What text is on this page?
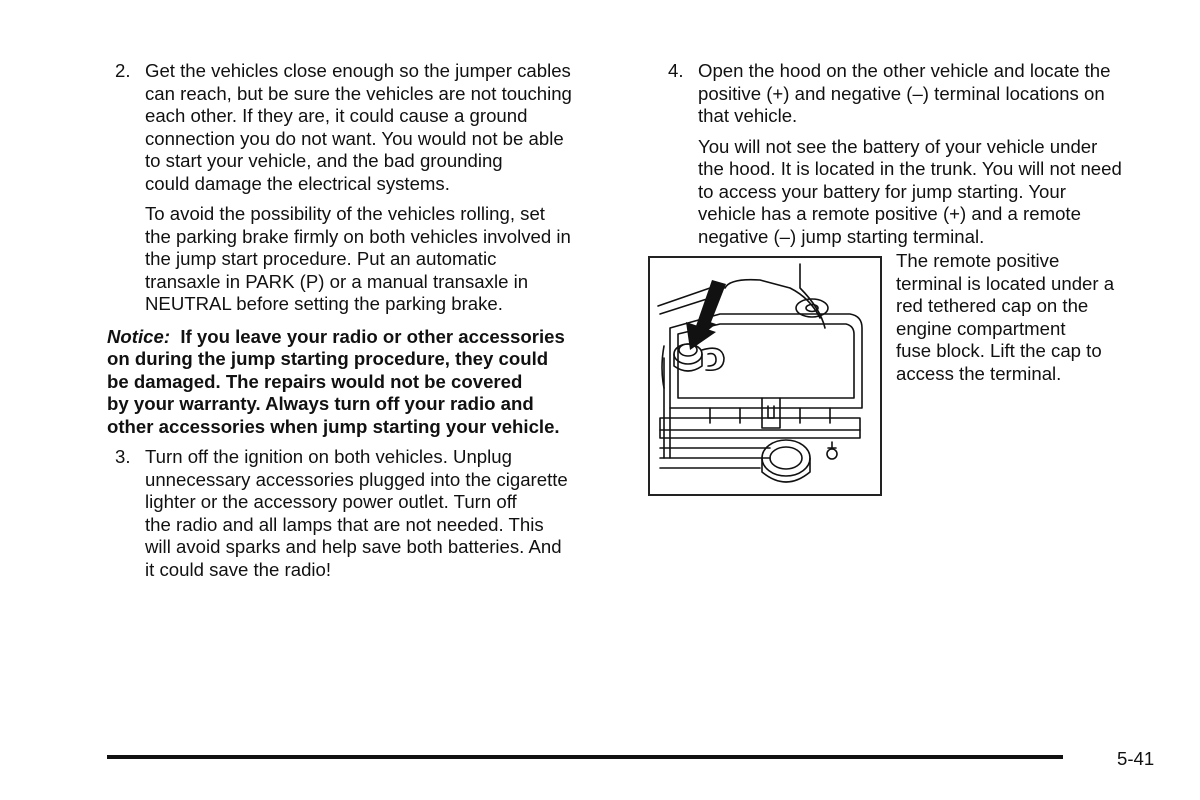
2. Get the vehicles close enough so the jumper cables
can reach, but be sure the vehicles are not touching
each other. If they are, it could cause a ground
connection you do not want. You would not be able
to start your vehicle, and the bad grounding
could damage the electrical systems.
To avoid the possibility of the vehicles rolling, set
the parking brake firmly on both vehicles involved in
the jump start procedure. Put an automatic
transaxle in PARK (P) or a manual transaxle in
NEUTRAL before setting the parking brake.
Notice: If you leave your radio or other accessories
on during the jump starting procedure, they could
be damaged. The repairs would not be covered
by your warranty. Always turn off your radio and
other accessories when jump starting your vehicle.
3. Turn off the ignition on both vehicles. Unplug
unnecessary accessories plugged into the cigarette
lighter or the accessory power outlet. Turn off
the radio and all lamps that are not needed. This
will avoid sparks and help save both batteries. And
it could save the radio!
4. Open the hood on the other vehicle and locate the
positive (+) and negative (–) terminal locations on
that vehicle.
You will not see the battery of your vehicle under
the hood. It is located in the trunk. You will not need
to access your battery for jump starting. Your
vehicle has a remote positive (+) and a remote
negative (–) jump starting terminal.
The remote positive
terminal is located under a
red tethered cap on the
engine compartment
fuse block. Lift the cap to
access the terminal.
5-41
